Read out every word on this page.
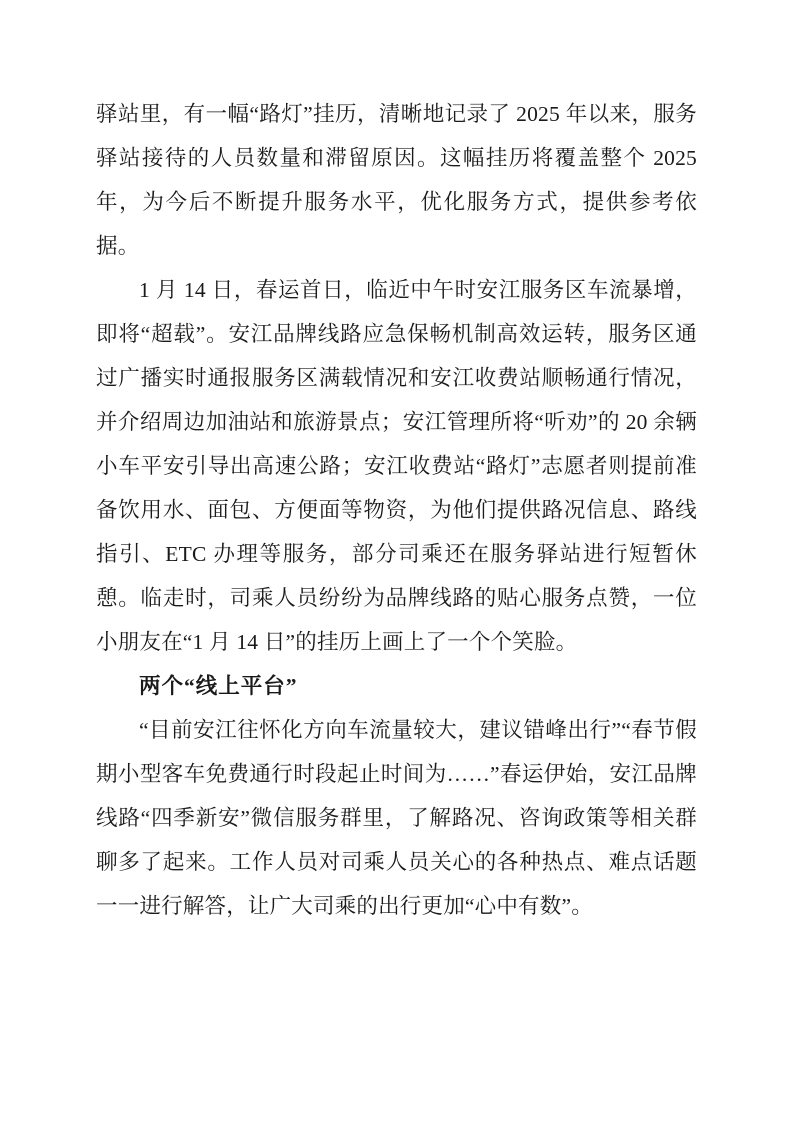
驿站里，有一幅“路灯”挂历，清晰地记录了 2025 年以来，服务驿站接待的人员数量和滞留原因。这幅挂历将覆盖整个 2025 年，为今后不断提升服务水平，优化服务方式，提供参考依据。

1 月 14 日，春运首日，临近中午时安江服务区车流暴增，即将“超载”。安江品牌线路应急保畅机制高效运转，服务区通过广播实时通报服务区满载情况和安江收费站顺畅通行情况，并介绍周边加油站和旅游景点；安江管理所将“听劝”的 20 余辆小车平安引导出高速公路；安江收费站“路灯”志愿者则提前准备饮用水、面包、方便面等物资，为他们提供路况信息、路线指引、ETC 办理等服务，部分司乘还在服务驿站进行短暂休憩。临走时，司乘人员纷纷为品牌线路的贴心服务点赞，一位小朋友在“1 月 14 日”的挂历上画上了一个个笑脸。

两个“线上平台”

“目前安江往怀化方向车流量较大，建议错峰出行”“春节假期小型客车免费通行时段起止时间为……”春运伊始，安江品牌线路“四季新安”微信服务群里，了解路况、咨询政策等相关群聊多了起来。工作人员对司乘人员关心的各种热点、难点话题一一进行解答，让广大司乘的出行更加“心中有数”。
